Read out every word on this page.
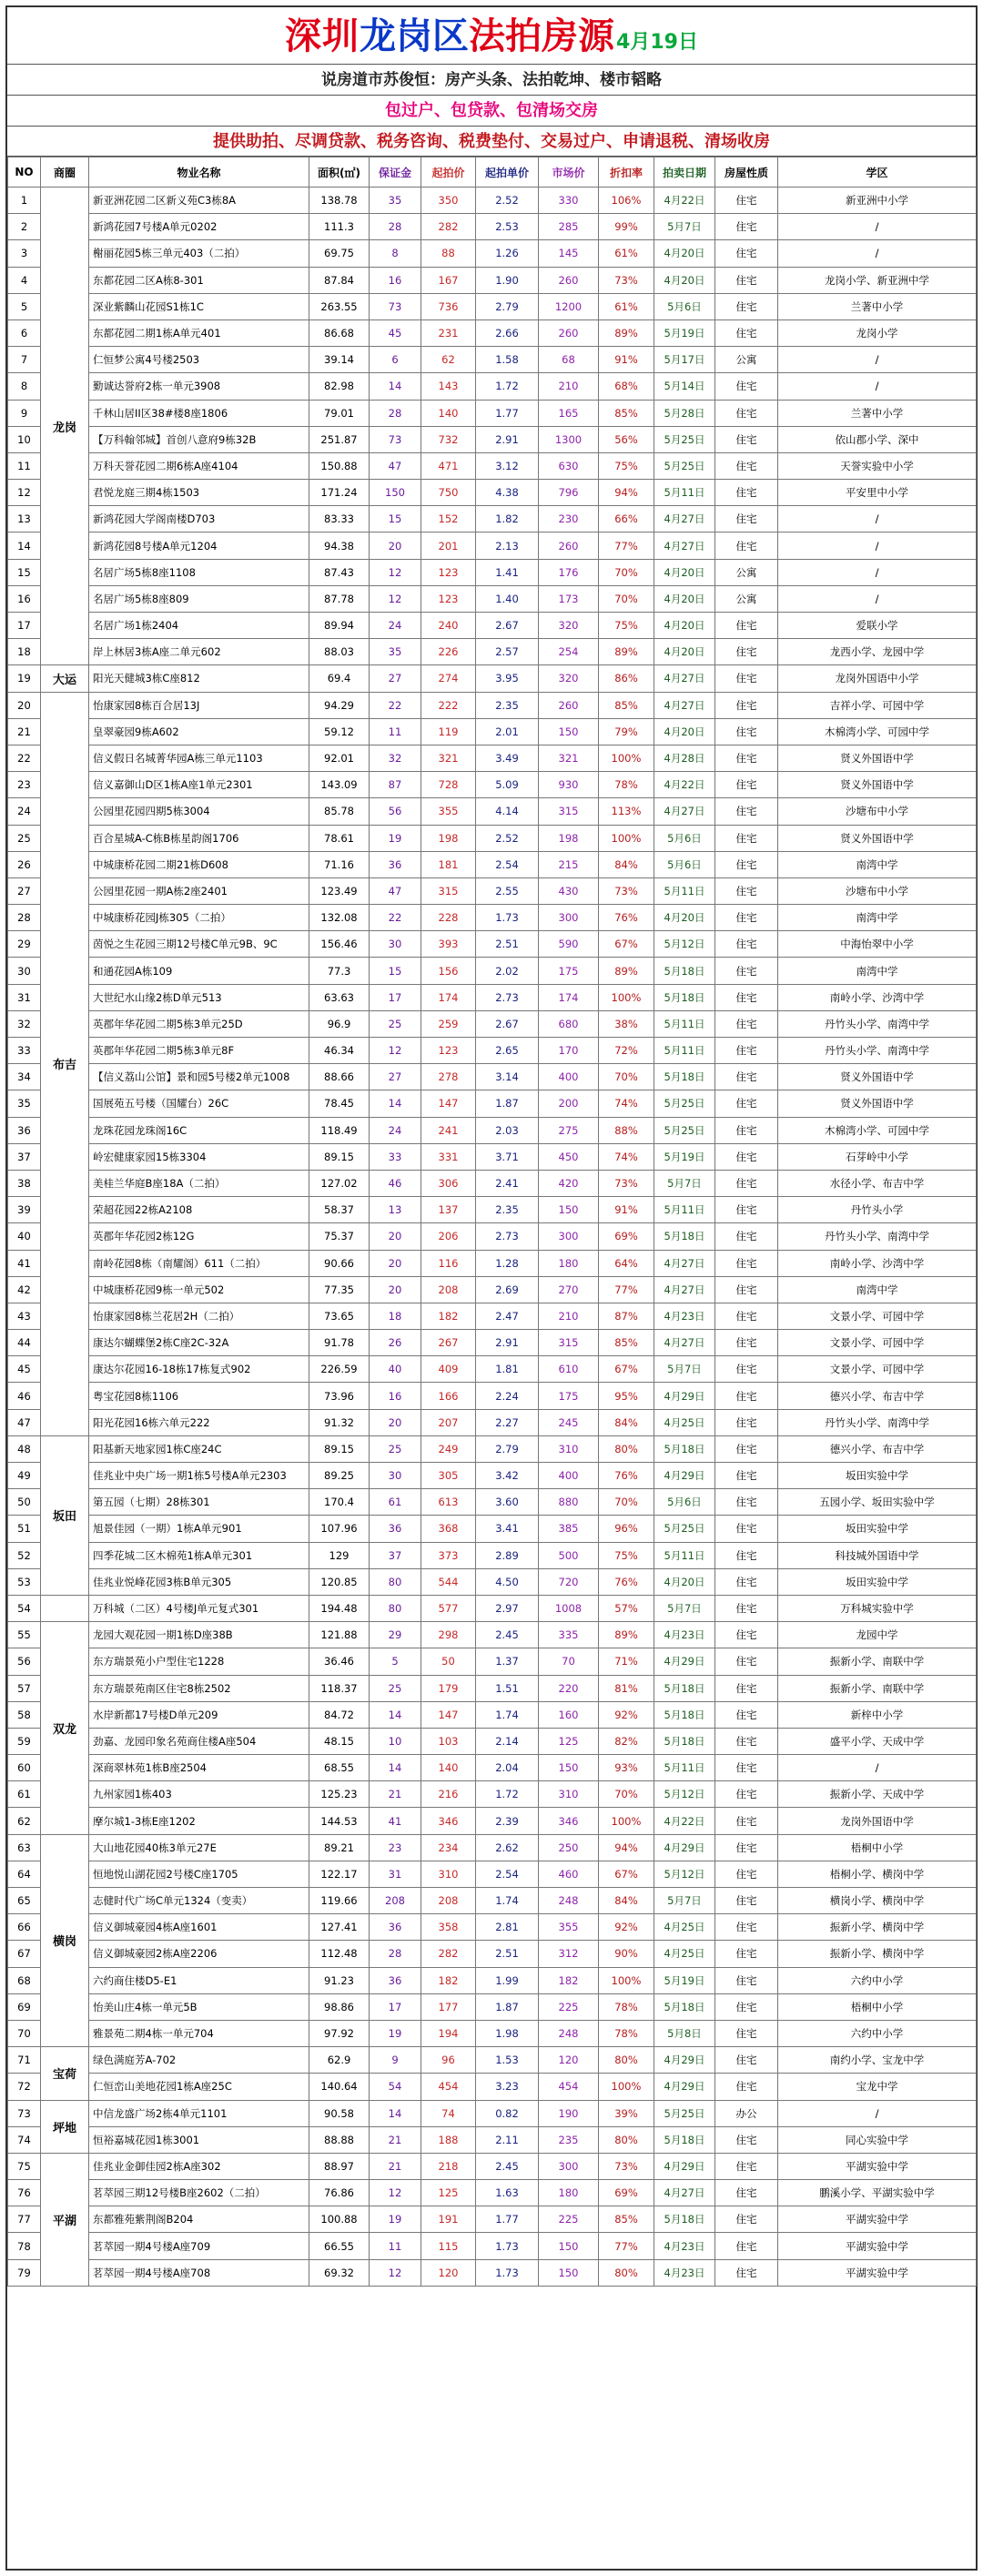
深圳龙岗区法拍房源4月19日
说房道市苏俊恒：房产头条、法拍乾坤、楼市韬略
包过户、包贷款、包清场交房
提供助拍、尽调贷款、税务咨询、税费垫付、交易过户、申请退税、清场收房
NO	商圈	物业名称	面积(㎡)	保证金	起拍价	起拍单价	市场价	折扣率	拍卖日期	房屋性质	学区
1	龙岗	新亚洲花园二区新义苑C3栋8A	138.78	35	350	2.52	330	106%	4月22日	住宅	新亚洲中小学
2		新鸿花园7号楼A单元0202	111.3	28	282	2.53	285	99%	5月7日	住宅	/
3		榭丽花园5栋三单元403（二拍）	69.75	8	88	1.26	145	61%	4月20日	住宅	/
4		东都花园二区A栋8-301	87.84	16	167	1.90	260	73%	4月20日	住宅	龙岗小学、新亚洲中学
5		深业紫麟山花园S1栋1C	263.55	73	736	2.79	1200	61%	5月6日	住宅	兰著中小学
6		东都花园二期1栋A单元401	86.68	45	231	2.66	260	89%	5月19日	住宅	龙岗小学
7		仁恒梦公寓4号楼2503	39.14	6	62	1.58	68	91%	5月17日	公寓	/
8		勤诚达誉府2栋一单元3908	82.98	14	143	1.72	210	68%	5月14日	住宅	/
9		千林山居II区38#楼8座1806	79.01	28	140	1.77	165	85%	5月28日	住宅	兰著中小学
10		【万科翰邻城】首创八意府9栋32B	251.87	73	732	2.91	1300	56%	5月25日	住宅	依山郡小学、深中
11		万科天誉花园二期6栋A座4104	150.88	47	471	3.12	630	75%	5月25日	住宅	天誉实验中小学
12		君悦龙庭三期4栋1503	171.24	150	750	4.38	796	94%	5月11日	住宅	平安里中小学
13		新鸿花园大学阁南楼D703	83.33	15	152	1.82	230	66%	4月27日	住宅	/
14		新鸿花园8号楼A单元1204	94.38	20	201	2.13	260	77%	4月27日	住宅	/
15		名居广场5栋8座1108	87.43	12	123	1.41	176	70%	4月20日	公寓	/
16		名居广场5栋8座809	87.78	12	123	1.40	173	70%	4月20日	公寓	/
17		名居广场1栋2404	89.94	24	240	2.67	320	75%	4月20日	住宅	爱联小学
18		岸上林居3栋A座二单元602	88.03	35	226	2.57	254	89%	4月20日	住宅	龙西小学、龙园中学
19	大运	阳光天健城3栋C座812	69.4	27	274	3.95	320	86%	4月27日	住宅	龙岗外国语中小学
20	布吉	怡康家园8栋百合居13J	94.29	22	222	2.35	260	85%	4月27日	住宅	吉祥小学、可园中学
21		皇翠豪园9栋A602	59.12	11	119	2.01	150	79%	4月20日	住宅	木棉湾小学、可园中学
22		信义假日名城菁华园A栋三单元1103	92.01	32	321	3.49	321	100%	4月28日	住宅	贤义外国语中学
23		信义嘉御山D区1栋A座1单元2301	143.09	87	728	5.09	930	78%	4月22日	住宅	贤义外国语中学
24		公园里花园四期5栋3004	85.78	56	355	4.14	315	113%	4月27日	住宅	沙塘布中小学
25		百合星城A-C栋B栋星韵阁1706	78.61	19	198	2.52	198	100%	5月6日	住宅	贤义外国语中学
26		中城康桥花园二期21栋D608	71.16	36	181	2.54	215	84%	5月6日	住宅	南湾中学
27		公园里花园一期A栋2座2401	123.49	47	315	2.55	430	73%	5月11日	住宅	沙塘布中小学
28		中城康桥花园J栋305（二拍）	132.08	22	228	1.73	300	76%	4月20日	住宅	南湾中学
29		茵悦之生花园三期12号楼C单元9B、9C	156.46	30	393	2.51	590	67%	5月12日	住宅	中海怡翠中小学
30		和通花园A栋109	77.3	15	156	2.02	175	89%	5月18日	住宅	南湾中学
31		大世纪水山缘2栋D单元513	63.63	17	174	2.73	174	100%	5月18日	住宅	南岭小学、沙湾中学
32		英郡年华花园二期5栋3单元25D	96.9	25	259	2.67	680	38%	5月11日	住宅	丹竹头小学、南湾中学
33		英郡年华花园二期5栋3单元8F	46.34	12	123	2.65	170	72%	5月11日	住宅	丹竹头小学、南湾中学
34		【信义荔山公馆】景和园5号楼2单元1008	88.66	27	278	3.14	400	70%	5月18日	住宅	贤义外国语中学
35		国展苑五号楼（国耀台）26C	78.45	14	147	1.87	200	74%	5月25日	住宅	贤义外国语中学
36		龙珠花园龙珠阁16C	118.49	24	241	2.03	275	88%	5月25日	住宅	木棉湾小学、可园中学
37		岭宏健康家园15栋3304	89.15	33	331	3.71	450	74%	5月19日	住宅	石芽岭中小学
38		美桂兰华庭B座18A（二拍）	127.02	46	306	2.41	420	73%	5月7日	住宅	水径小学、布吉中学
39		荣超花园22栋A2108	58.37	13	137	2.35	150	91%	5月11日	住宅	丹竹头小学
40		英郡年华花园2栋12G	75.37	20	206	2.73	300	69%	5月18日	住宅	丹竹头小学、南湾中学
41		南岭花园8栋（南耀阁）611（二拍）	90.66	20	116	1.28	180	64%	4月27日	住宅	南岭小学、沙湾中学
42		中城康桥花园9栋一单元502	77.35	20	208	2.69	270	77%	4月27日	住宅	南湾中学
43		怡康家园8栋兰花居2H（二拍）	73.65	18	182	2.47	210	87%	4月23日	住宅	文景小学、可园中学
44		康达尔蝴蝶堡2栋C座2C-32A	91.78	26	267	2.91	315	85%	4月27日	住宅	文景小学、可园中学
45		康达尔花园16-18栋17栋复式902	226.59	40	409	1.81	610	67%	5月7日	住宅	文景小学、可园中学
46		粤宝花园8栋1106	73.96	16	166	2.24	175	95%	4月29日	住宅	德兴小学、布吉中学
47		阳光花园16栋六单元222	91.32	20	207	2.27	245	84%	4月25日	住宅	丹竹头小学、南湾中学
48	坂田	阳基新天地家园1栋C座24C	89.15	25	249	2.79	310	80%	5月18日	住宅	德兴小学、布吉中学
49		佳兆业中央广场一期1栋5号楼A单元2303	89.25	30	305	3.42	400	76%	4月29日	住宅	坂田实验中学
50		第五园（七期）28栋301	170.4	61	613	3.60	880	70%	5月6日	住宅	五园小学、坂田实验中学
51		旭景佳园（一期）1栋A单元901	107.96	36	368	3.41	385	96%	5月25日	住宅	坂田实验中学
52		四季花城二区木棉苑1栋A单元301	129	37	373	2.89	500	75%	5月11日	住宅	科技城外国语中学
53		佳兆业悦峰花园3栋B单元305	120.85	80	544	4.50	720	76%	4月20日	住宅	坂田实验中学
54		万科城（二区）4号楼J单元复式301	194.48	80	577	2.97	1008	57%	5月7日	住宅	万科城实验中学
55	双龙	龙园大观花园一期1栋D座38B	121.88	29	298	2.45	335	89%	4月23日	住宅	龙园中学
56		东方瑞景苑小户型住宅1228	36.46	5	50	1.37	70	71%	4月29日	住宅	振新小学、南联中学
57		东方瑞景苑南区住宅8栋2502	118.37	25	179	1.51	220	81%	5月18日	住宅	振新小学、南联中学
58		水岸新都17号楼D单元209	84.72	14	147	1.74	160	92%	5月18日	住宅	新梓中小学
59		劲嘉、龙园印象名苑商住楼A座504	48.15	10	103	2.14	125	82%	5月18日	住宅	盛平小学、天成中学
60		深商翠林苑1栋B座2504	68.55	14	140	2.04	150	93%	5月11日	住宅	/
61		九州家园1栋403	125.23	21	216	1.72	310	70%	5月12日	住宅	振新小学、天成中学
62		摩尔城1-3栋E座1202	144.53	41	346	2.39	346	100%	4月22日	住宅	龙岗外国语中学
63	横岗	大山地花园40栋3单元27E	89.21	23	234	2.62	250	94%	4月29日	住宅	梧桐中小学
64		恒地悦山湖花园2号楼C座1705	122.17	31	310	2.54	460	67%	5月12日	住宅	梧桐小学、横岗中学
65		志健时代广场C单元1324（变卖）	119.66	208	208	1.74	248	84%	5月7日	住宅	横岗小学、横岗中学
66		信义御城豪园4栋A座1601	127.41	36	358	2.81	355	92%	4月25日	住宅	振新小学、横岗中学
67		信义御城豪园2栋A座2206	112.48	28	282	2.51	312	90%	4月25日	住宅	振新小学、横岗中学
68		六约商住楼D5-E1	91.23	36	182	1.99	182	100%	5月19日	住宅	六约中小学
69		怡美山庄4栋一单元5B	98.86	17	177	1.87	225	78%	5月18日	住宅	梧桐中小学
70		雅景苑二期4栋一单元704	97.92	19	194	1.98	248	78%	5月8日	住宅	六约中小学
71	宝荷	绿色满庭芳A-702	62.9	9	96	1.53	120	80%	4月29日	住宅	南约小学、宝龙中学
72		仁恒峦山美地花园1栋A座25C	140.64	54	454	3.23	454	100%	4月29日	住宅	宝龙中学
73	坪地	中信龙盛广场2栋4单元1101	90.58	14	74	0.82	190	39%	5月25日	办公	/
74		恒裕嘉城花园1栋3001	88.88	21	188	2.11	235	80%	5月18日	住宅	同心实验中学
75	平湖	佳兆业金御佳园2栋A座302	88.97	21	218	2.45	300	73%	4月29日	住宅	平湖实验中学
76		茗萃园三期12号楼B座2602（二拍）	76.86	12	125	1.63	180	69%	4月27日	住宅	鹏溪小学、平湖实验中学
77		东都雅苑紫荆阁B204	100.88	19	191	1.77	225	85%	5月18日	住宅	平湖实验中学
78		茗萃园一期4号楼A座709	66.55	11	115	1.73	150	77%	4月23日	住宅	平湖实验中学
79		茗萃园一期4号楼A座708	69.32	12	120	1.73	150	80%	4月23日	住宅	平湖实验中学
